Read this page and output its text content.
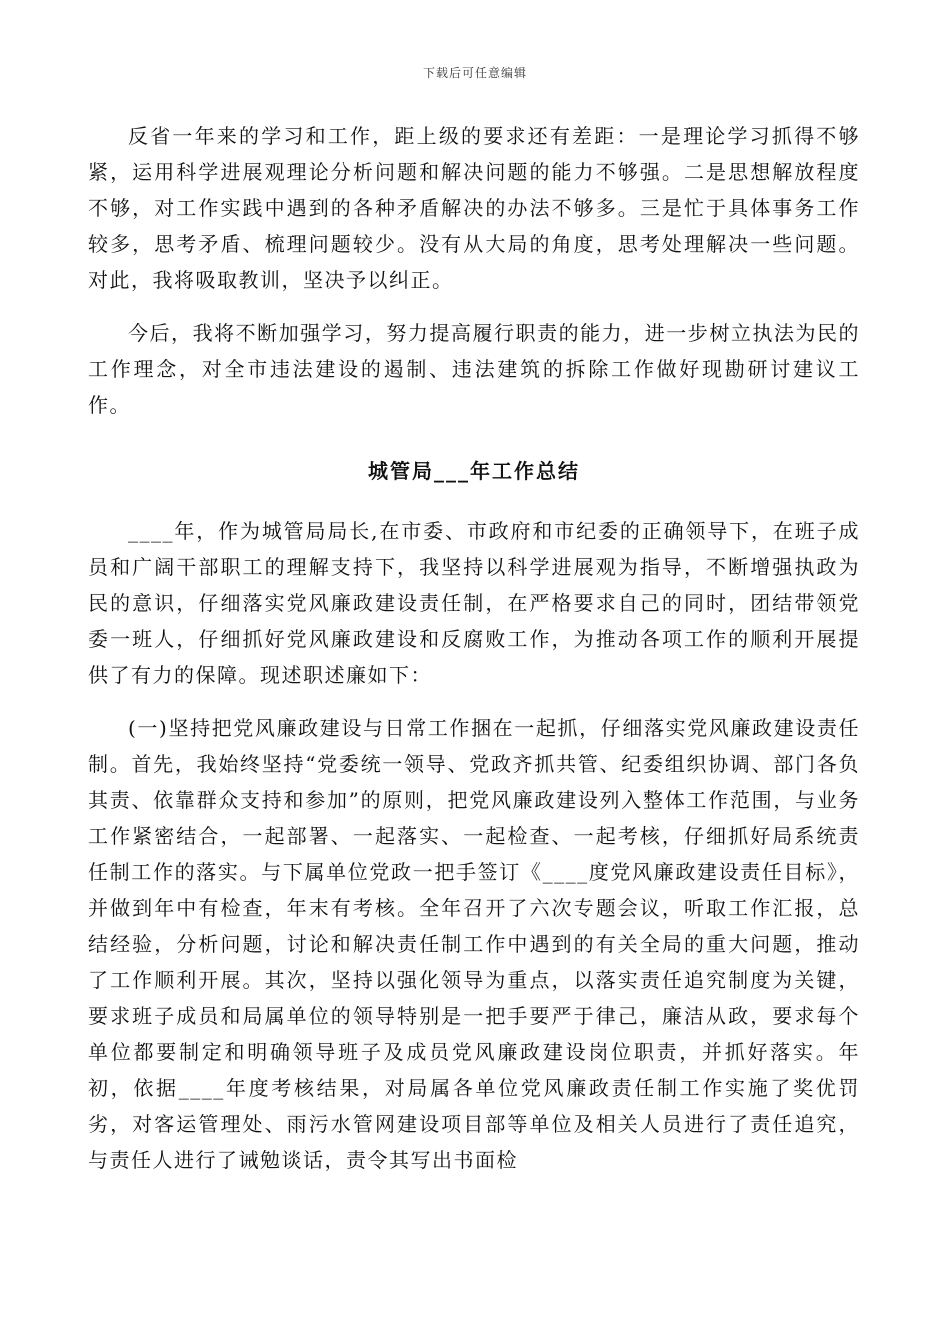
下载后可任意编辑

反省一年来的学习和工作，距上级的要求还有差距：一是理论学习抓得不够紧，运用科学进展观理论分析问题和解决问题的能力不够强。二是思想解放程度不够，对工作实践中遇到的各种矛盾解决的办法不够多。三是忙于具体事务工作较多，思考矛盾、梳理问题较少。没有从大局的角度，思考处理解决一些问题。对此，我将吸取教训，坚决予以纠正。

今后，我将不断加强学习，努力提高履行职责的能力，进一步树立执法为民的工作理念，对全市违法建设的遏制、违法建筑的拆除工作做好现勘研讨建议工作。

城管局___年工作总结

____年，作为城管局局长,在市委、市政府和市纪委的正确领导下，在班子成员和广阔干部职工的理解支持下，我坚持以科学进展观为指导，不断增强执政为民的意识，仔细落实党风廉政建设责任制，在严格要求自己的同时，团结带领党委一班人，仔细抓好党风廉政建设和反腐败工作，为推动各项工作的顺利开展提供了有力的保障。现述职述廉如下：

(一)坚持把党风廉政建设与日常工作捆在一起抓，仔细落实党风廉政建设责任制。首先，我始终坚持“党委统一领导、党政齐抓共管、纪委组织协调、部门各负其责、依靠群众支持和参加”的原则，把党风廉政建设列入整体工作范围，与业务工作紧密结合，一起部署、一起落实、一起检查、一起考核，仔细抓好局系统责任制工作的落实。与下属单位党政一把手签订《____度党风廉政建设责任目标》，并做到年中有检查，年末有考核。全年召开了六次专题会议，听取工作汇报，总结经验，分析问题，讨论和解决责任制工作中遇到的有关全局的重大问题，推动了工作顺利开展。其次，坚持以强化领导为重点，以落实责任追究制度为关键，要求班子成员和局属单位的领导特别是一把手要严于律己，廉洁从政，要求每个单位都要制定和明确领导班子及成员党风廉政建设岗位职责，并抓好落实。年初，依据____年度考核结果，对局属各单位党风廉政责任制工作实施了奖优罚劣，对客运管理处、雨污水管网建设项目部等单位及相关人员进行了责任追究，与责任人进行了诫勉谈话，责令其写出书面检
